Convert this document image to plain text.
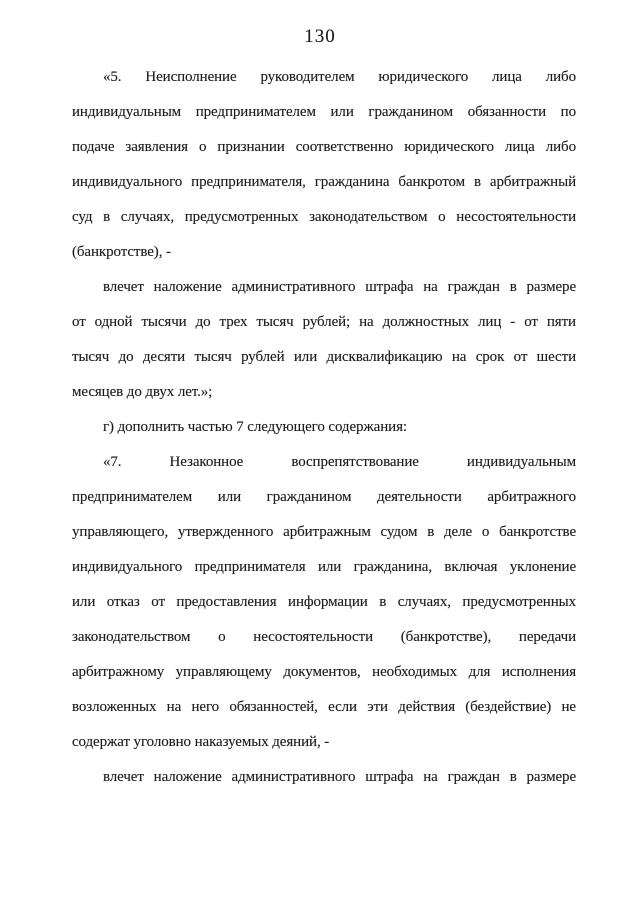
130
«5. Неисполнение руководителем юридического лица либо
индивидуальным предпринимателем или гражданином обязанности по
подаче заявления о признании соответственно юридического лица либо
индивидуального предпринимателя, гражданина банкротом в арбитражный
суд в случаях, предусмотренных законодательством о несостоятельности
(банкротстве), -
влечет наложение административного штрафа на граждан в размере
от одной тысячи до трех тысяч рублей; на должностных лиц - от пяти
тысяч до десяти тысяч рублей или дисквалификацию на срок от шести
месяцев до двух лет.»;
г) дополнить частью 7 следующего содержания:
«7. Незаконное воспрепятствование индивидуальным
предпринимателем или гражданином деятельности арбитражного
управляющего, утвержденного арбитражным судом в деле о банкротстве
индивидуального предпринимателя или гражданина, включая уклонение
или отказ от предоставления информации в случаях, предусмотренных
законодательством о несостоятельности (банкротстве), передачи
арбитражному управляющему документов, необходимых для исполнения
возложенных на него обязанностей, если эти действия (бездействие) не
содержат уголовно наказуемых деяний, -
влечет наложение административного штрафа на граждан в размере
